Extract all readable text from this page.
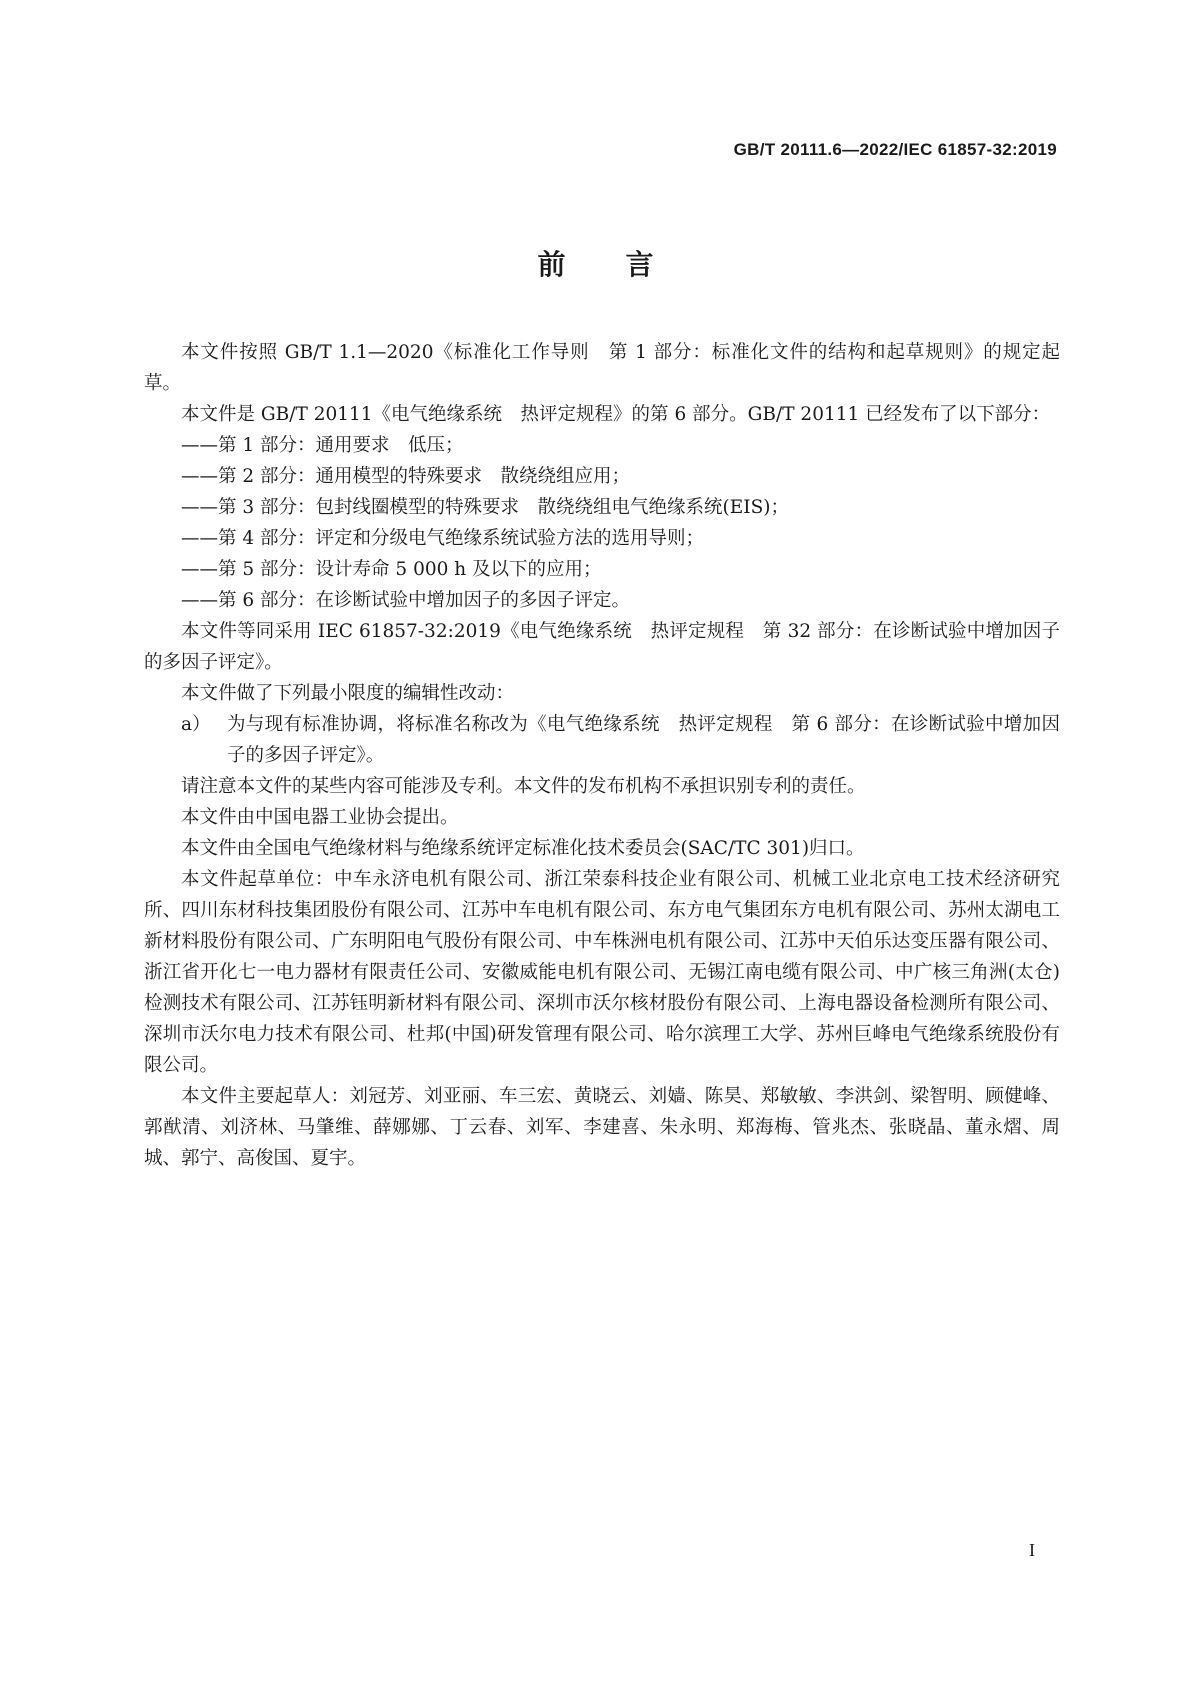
GB/T 20111.6—2022/IEC 61857-32:2019
前言

本文件按照 GB/T 1.1—2020《标准化工作导则　第 1 部分：标准化文件的结构和起草规则》的规定起草。

本文件是 GB/T 20111《电气绝缘系统　热评定规程》的第 6 部分。GB/T 20111 已经发布了以下部分：

——第 1 部分：通用要求　低压；
——第 2 部分：通用模型的特殊要求　散绕绕组应用；
——第 3 部分：包封线圈模型的特殊要求　散绕绕组电气绝缘系统(EIS)；
——第 4 部分：评定和分级电气绝缘系统试验方法的选用导则；
——第 5 部分：设计寿命 5 000 h 及以下的应用；
——第 6 部分：在诊断试验中增加因子的多因子评定。

本文件等同采用 IEC 61857-32:2019《电气绝缘系统　热评定规程　第 32 部分：在诊断试验中增加因子的多因子评定》。

本文件做了下列最小限度的编辑性改动：

a） 为与现有标准协调，将标准名称改为《电气绝缘系统　热评定规程　第 6 部分：在诊断试验中增加因子的多因子评定》。

请注意本文件的某些内容可能涉及专利。本文件的发布机构不承担识别专利的责任。

本文件由中国电器工业协会提出。

本文件由全国电气绝缘材料与绝缘系统评定标准化技术委员会(SAC/TC 301)归口。

本文件起草单位：中车永济电机有限公司、浙江荣泰科技企业有限公司、机械工业北京电工技术经济研究所、四川东材科技集团股份有限公司、江苏中车电机有限公司、东方电气集团东方电机有限公司、苏州太湖电工新材料股份有限公司、广东明阳电气股份有限公司、中车株洲电机有限公司、江苏中天伯乐达变压器有限公司、浙江省开化七一电力器材有限责任公司、安徽威能电机有限公司、无锡江南电缆有限公司、中广核三角洲(太仓)检测技术有限公司、江苏钰明新材料有限公司、深圳市沃尔核材股份有限公司、上海电器设备检测所有限公司、深圳市沃尔电力技术有限公司、杜邦(中国)研发管理有限公司、哈尔滨理工大学、苏州巨峰电气绝缘系统股份有限公司。

本文件主要起草人：刘冠芳、刘亚丽、车三宏、黄晓云、刘嫱、陈昊、郑敏敏、李洪剑、梁智明、顾健峰、郭猷清、刘济林、马肇维、薛娜娜、丁云春、刘军、李建喜、朱永明、郑海梅、管兆杰、张晓晶、董永熠、周城、郭宁、高俊国、夏宇。

I
